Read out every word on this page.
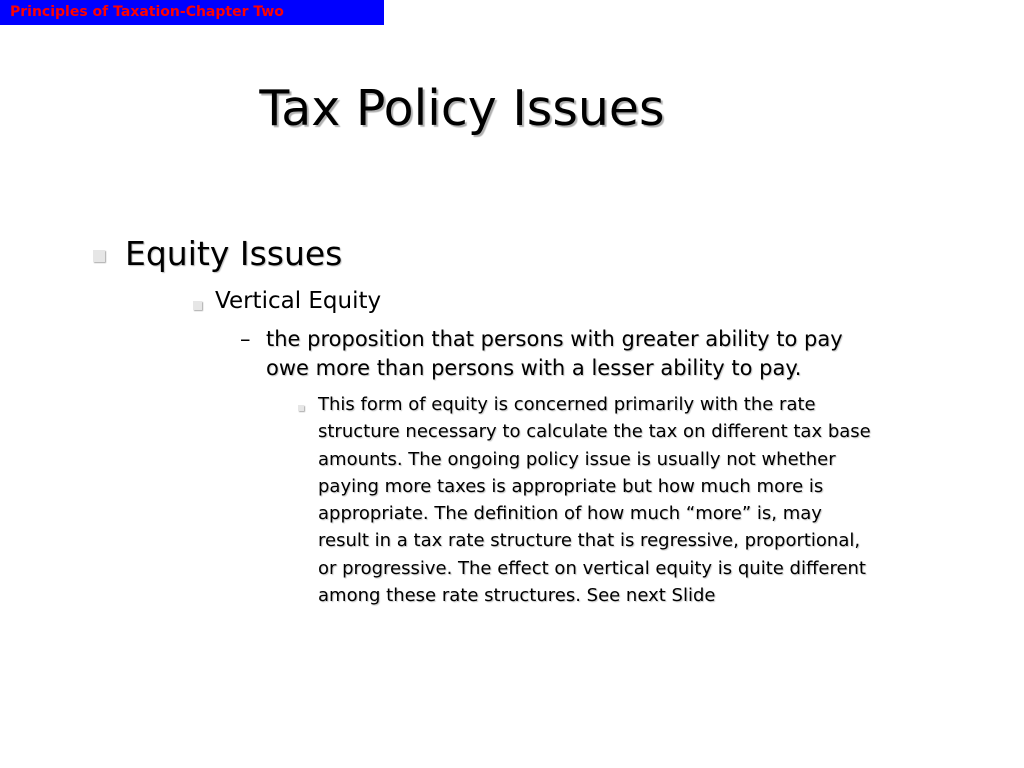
Principles of Taxation-Chapter Two
Tax Policy Issues
Equity Issues
Vertical Equity
– the proposition that persons with greater ability to pay
owe more than persons with a lesser ability to pay.
This form of equity is concerned primarily with the rate
structure necessary to calculate the tax on different tax base
amounts. The ongoing policy issue is usually not whether
paying more taxes is appropriate but how much more is
appropriate. The definition of how much “more” is, may
result in a tax rate structure that is regressive, proportional,
or progressive. The effect on vertical equity is quite different
among these rate structures. See next Slide
